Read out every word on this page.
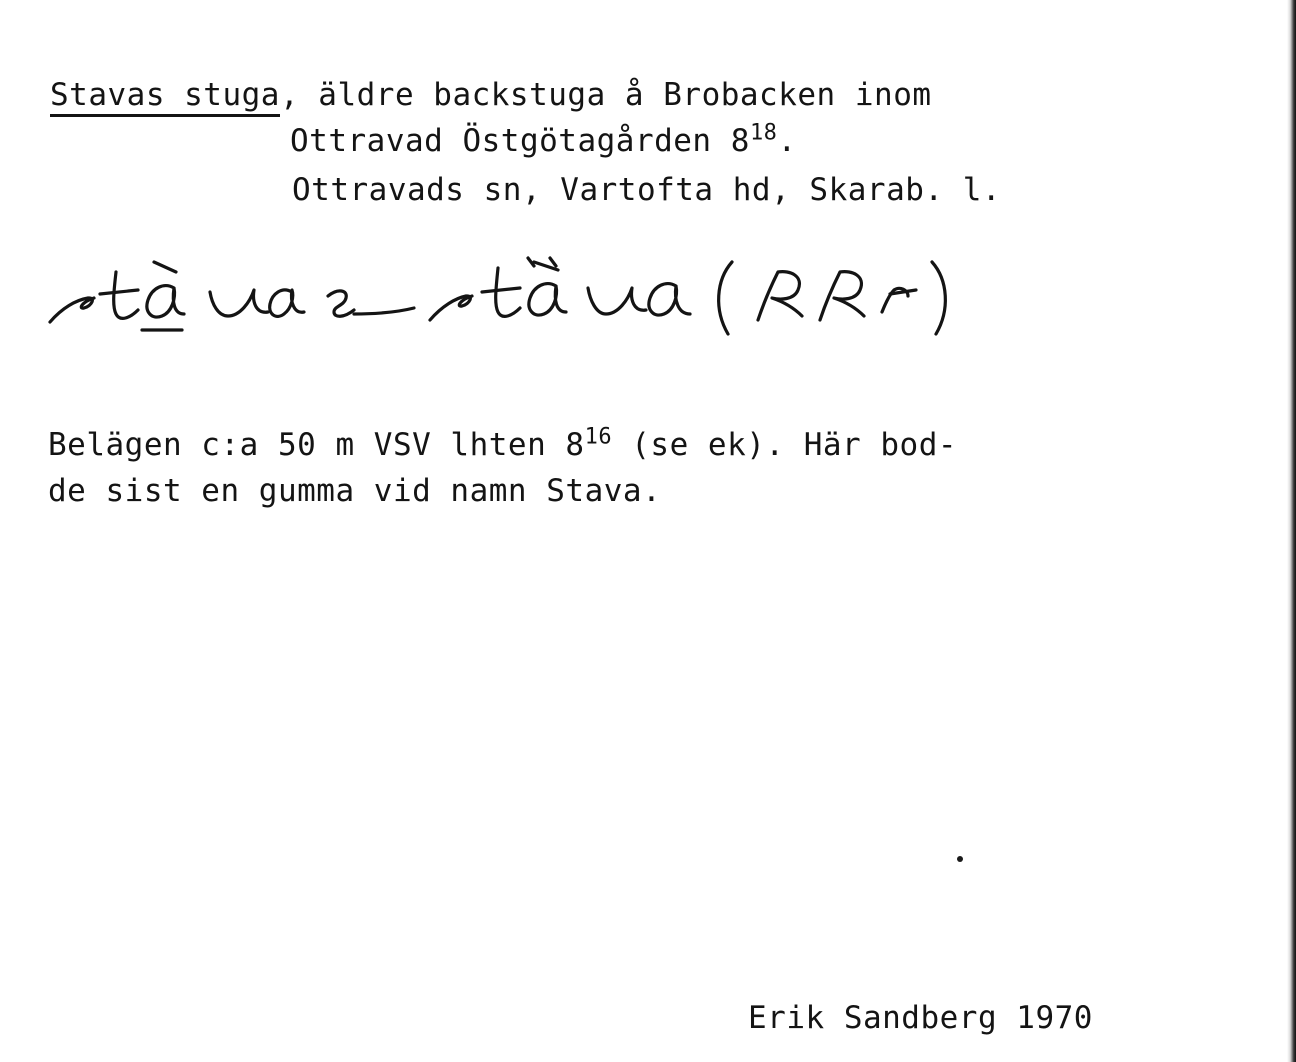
Stavas stuga, äldre backstuga å Brobacken inom
Ottravad Östgötagården $8^{18}$.
Ottravads sn, Vartofta hd, Skarab. l.
Belägen c:a 50 m VSV lhten $8^{16}$ (se ek). Här bod-
de sist en gumma vid namn Stava.
Erik Sandberg 1970
